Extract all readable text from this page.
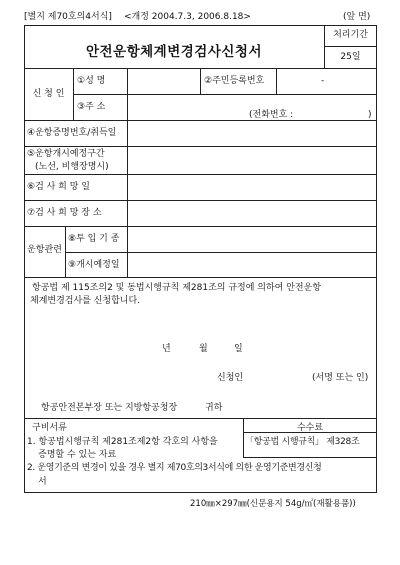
[별지 제70호의4서식] <개정 2004.7.3, 2006.8.18>	(앞 면)
안전운항체계변경검사신청서
처리기간
25일
신 청 인
①성 명	②주민등록번호	-
③주 소
(전화번호 :	)
④운항증명번호/취득일
⑤운항개시예정구간
(노선, 비행장명시)
⑥검 사 희 망 일
⑦검 사 희 망 장 소
운항관련
⑧투 입 기 종
⑨개시예정일
항공법 제 115조의2 및 동법시행규칙 제281조의 규정에 의하여 안전운항
체계변경검사를 신청합니다.
년	월	일
신청인	(서명 또는 인)
항공안전본부장 또는 지방항공청장	귀하
구비서류
1. 항공법시행규칙 제281조제2항 각호의 사항을
증명할 수 있는 자료
수수료
「항공법 시행규칙」 제328조
2. 운영기준의 변경이 있을 경우 별지 제70호의3서식에 의한 운영기준변경신청
서
210㎜×297㎜(신문용지 54g/㎡(재활용품))
